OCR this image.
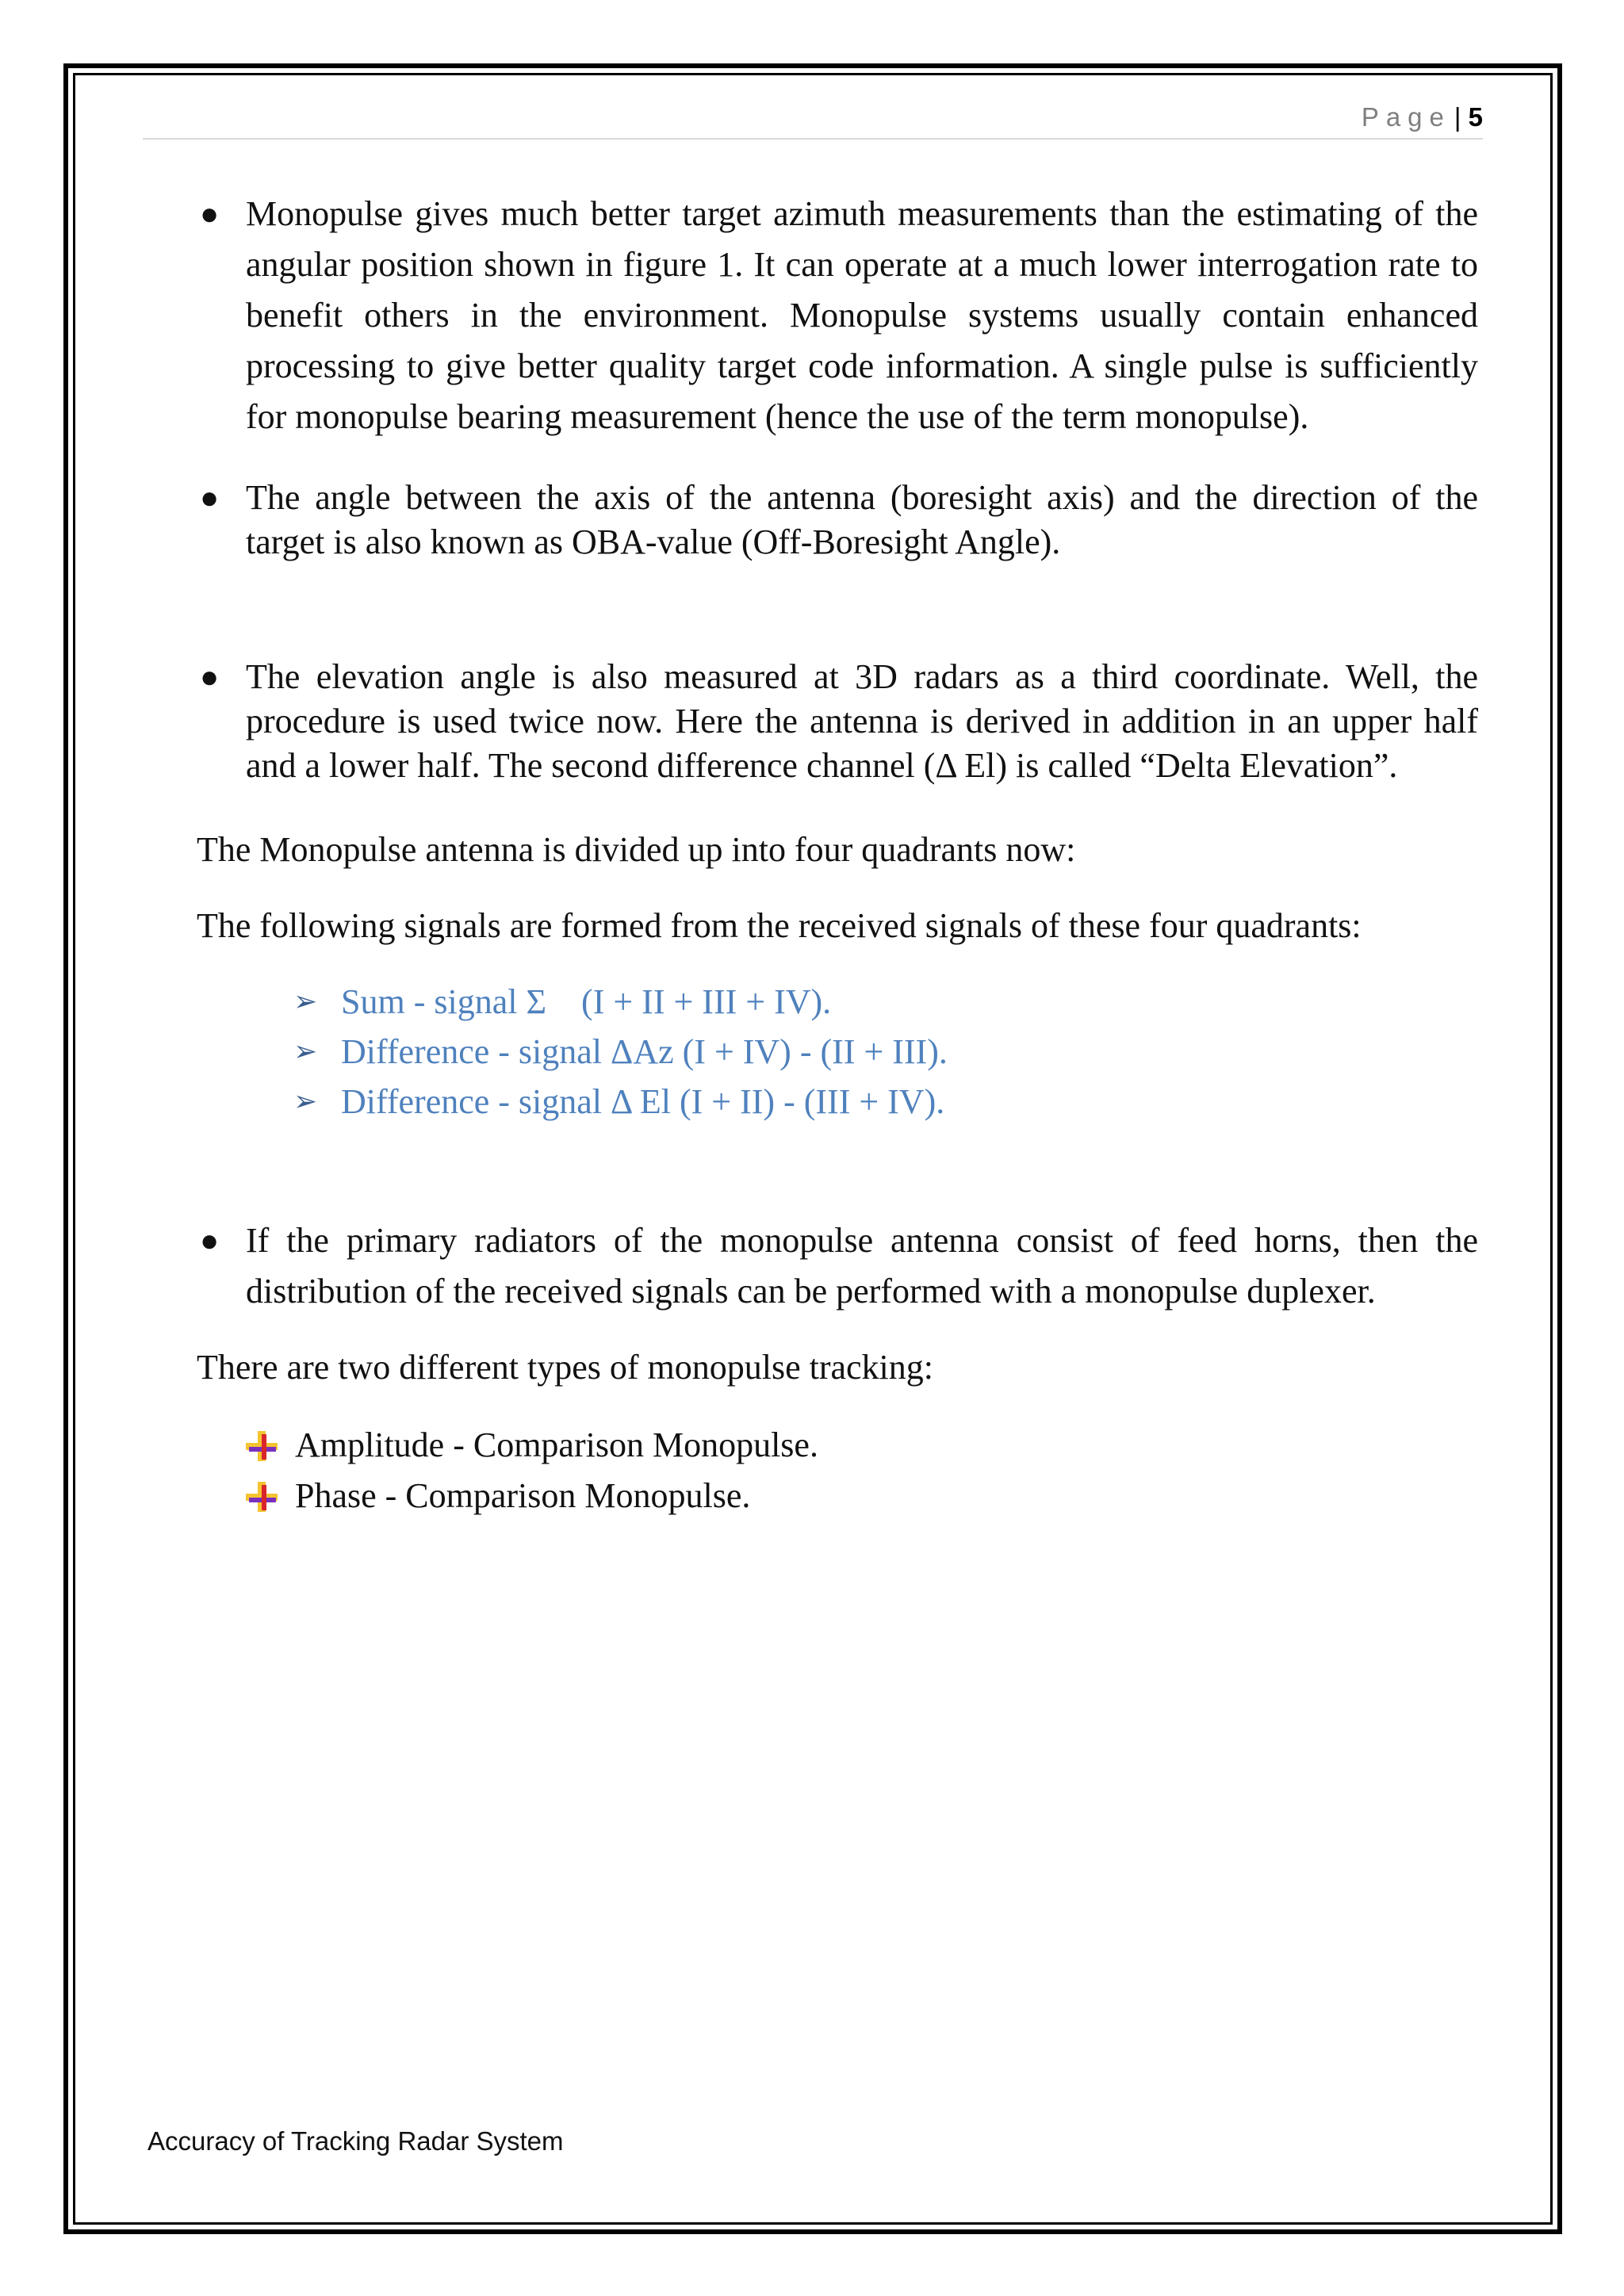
Page | 5
● Monopulse gives much better target azimuth measurements than the estimating of the angular position shown in figure 1. It can operate at a much lower interrogation rate to benefit others in the environment. Monopulse systems usually contain enhanced processing to give better quality target code information. A single pulse is sufficiently for monopulse bearing measurement (hence the use of the term monopulse).
● The angle between the axis of the antenna (boresight axis) and the direction of the target is also known as OBA-value (Off-Boresight Angle).
● The elevation angle is also measured at 3D radars as a third coordinate. Well, the procedure is used twice now. Here the antenna is derived in addition in an upper half and a lower half. The second difference channel (Δ El) is called “Delta Elevation”.
The Monopulse antenna is divided up into four quadrants now:
The following signals are formed from the received signals of these four quadrants:
➢ Sum - signal Σ    (I + II + III + IV).
➢ Difference - signal ΔAz (I + IV) - (II + III).
➢ Difference - signal Δ El (I + II) - (III + IV).
● If the primary radiators of the monopulse antenna consist of feed horns, then the distribution of the received signals can be performed with a monopulse duplexer.
There are two different types of monopulse tracking:
Amplitude - Comparison Monopulse.
Phase - Comparison Monopulse.
Accuracy of Tracking Radar System
